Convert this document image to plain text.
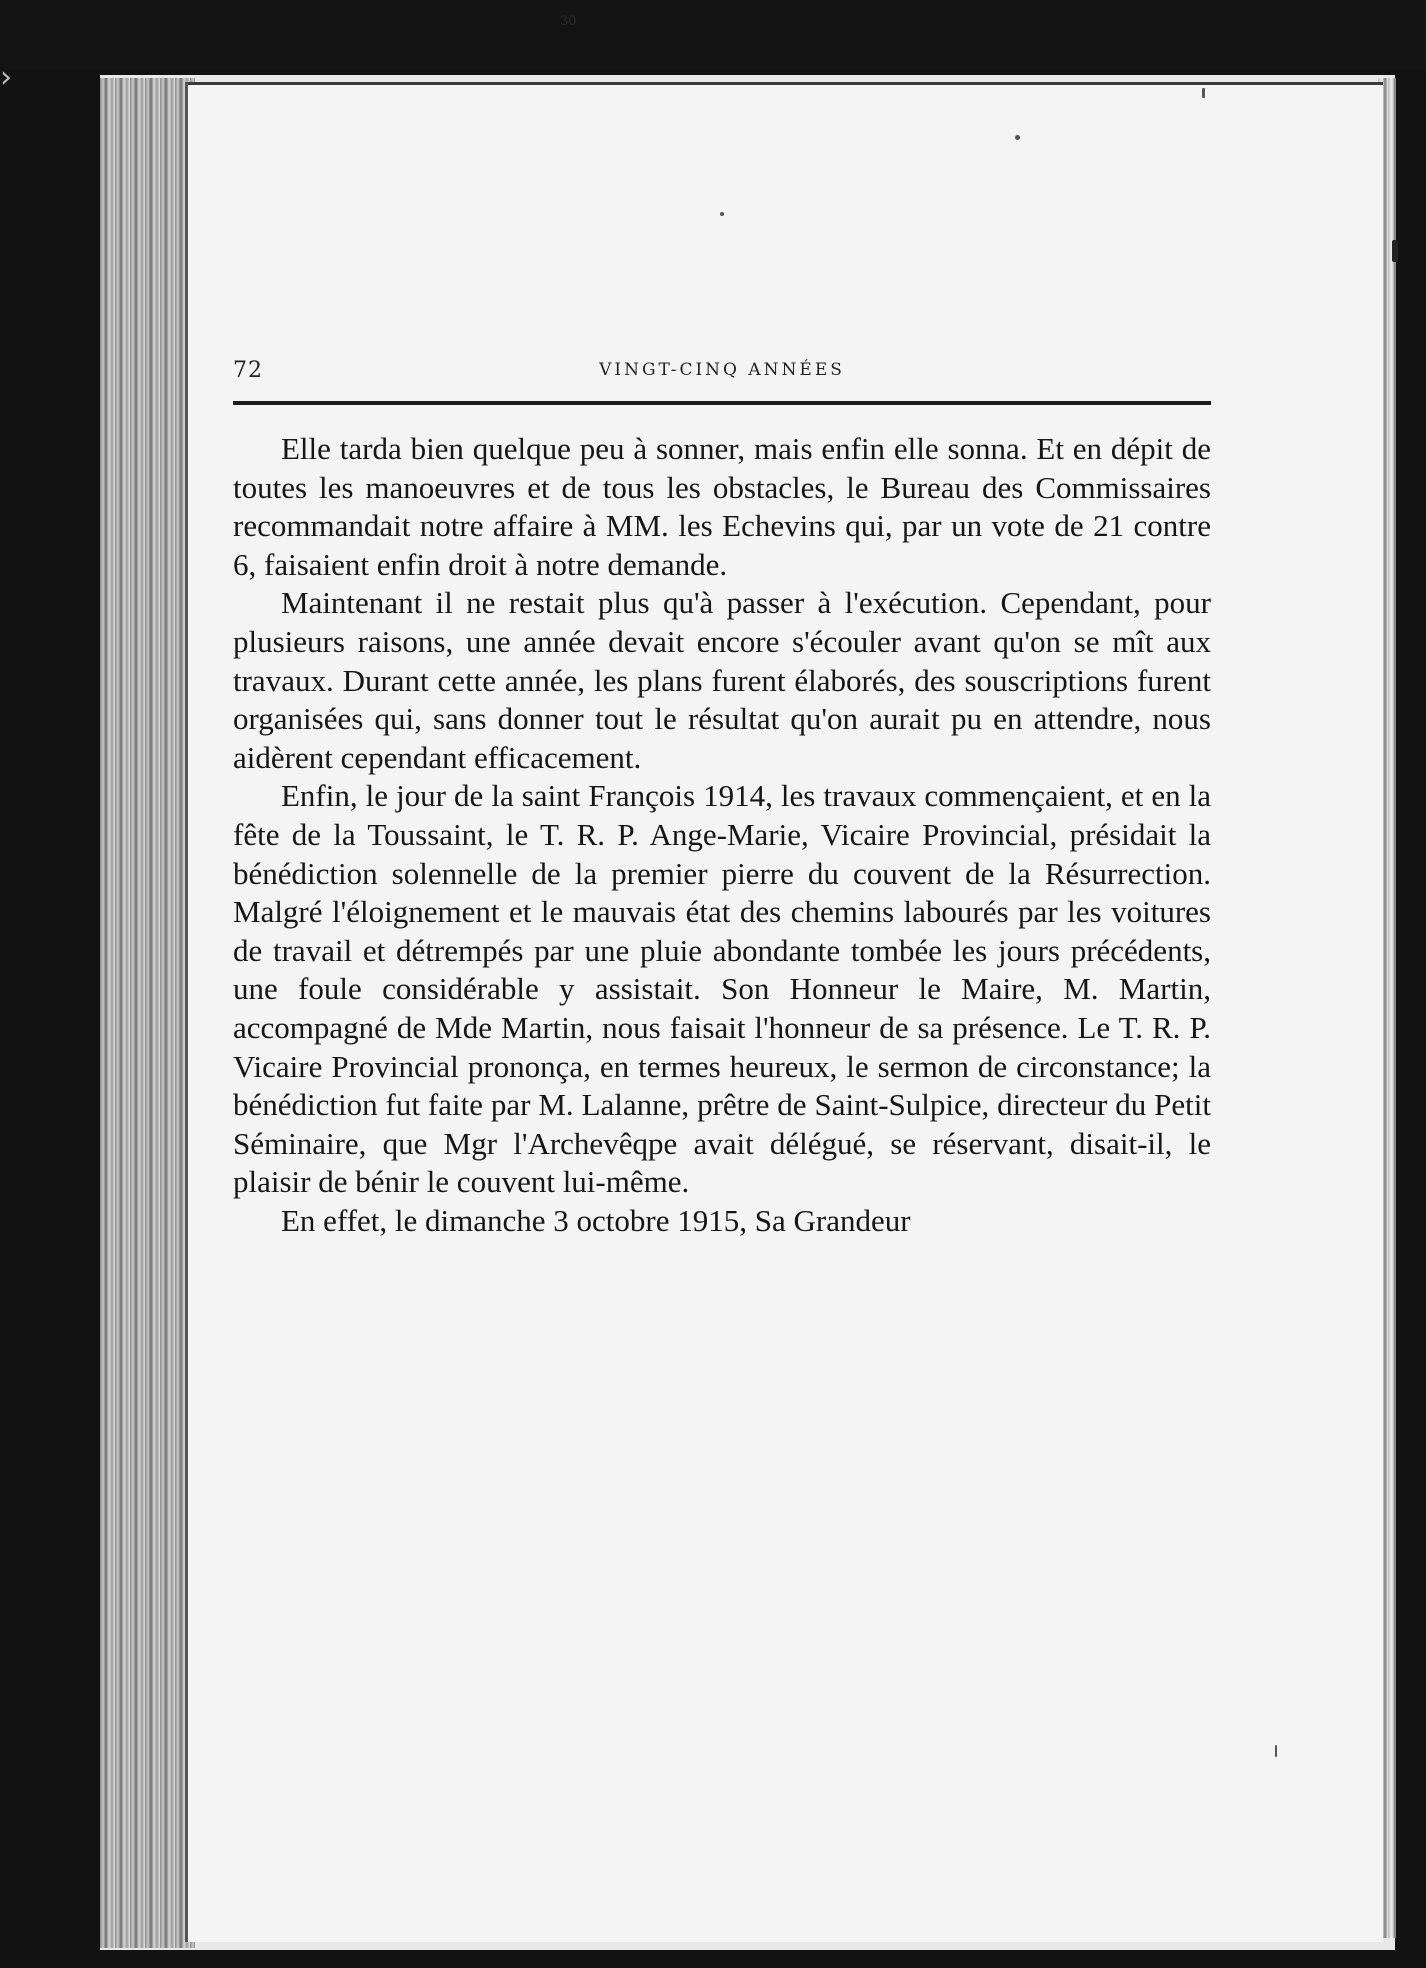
30
›
72	VINGT-CINQ ANNÉES

Elle tarda bien quelque peu à sonner, mais enfin elle sonna. Et en dépit de toutes les manoeuvres et de tous les obstacles, le Bureau des Commissaires recommandait notre affaire à MM. les Echevins qui, par un vote de 21 contre 6, faisaient enfin droit à notre demande.

Maintenant il ne restait plus qu'à passer à l'exécution. Cependant, pour plusieurs raisons, une année devait encore s'écouler avant qu'on se mît aux travaux. Durant cette année, les plans furent élaborés, des souscriptions furent organisées qui, sans donner tout le résultat qu'on aurait pu en attendre, nous aidèrent cependant efficacement.

Enfin, le jour de la saint François 1914, les travaux commençaient, et en la fête de la Toussaint, le T. R. P. Ange-Marie, Vicaire Provincial, présidait la bénédiction solennelle de la premier pierre du couvent de la Résurrection. Malgré l'éloignement et le mauvais état des chemins labourés par les voitures de travail et détrempés par une pluie abondante tombée les jours précédents, une foule considérable y assistait. Son Honneur le Maire, M. Martin, accompagné de Mde Martin, nous faisait l'honneur de sa présence. Le T. R. P. Vicaire Provincial prononça, en termes heureux, le sermon de circonstance; la bénédiction fut faite par M. Lalanne, prêtre de Saint-Sulpice, directeur du Petit Séminaire, que Mgr l'Archevêqpe avait délégué, se réservant, disait-il, le plaisir de bénir le couvent lui-même.

En effet, le dimanche 3 octobre 1915, Sa Grandeur
